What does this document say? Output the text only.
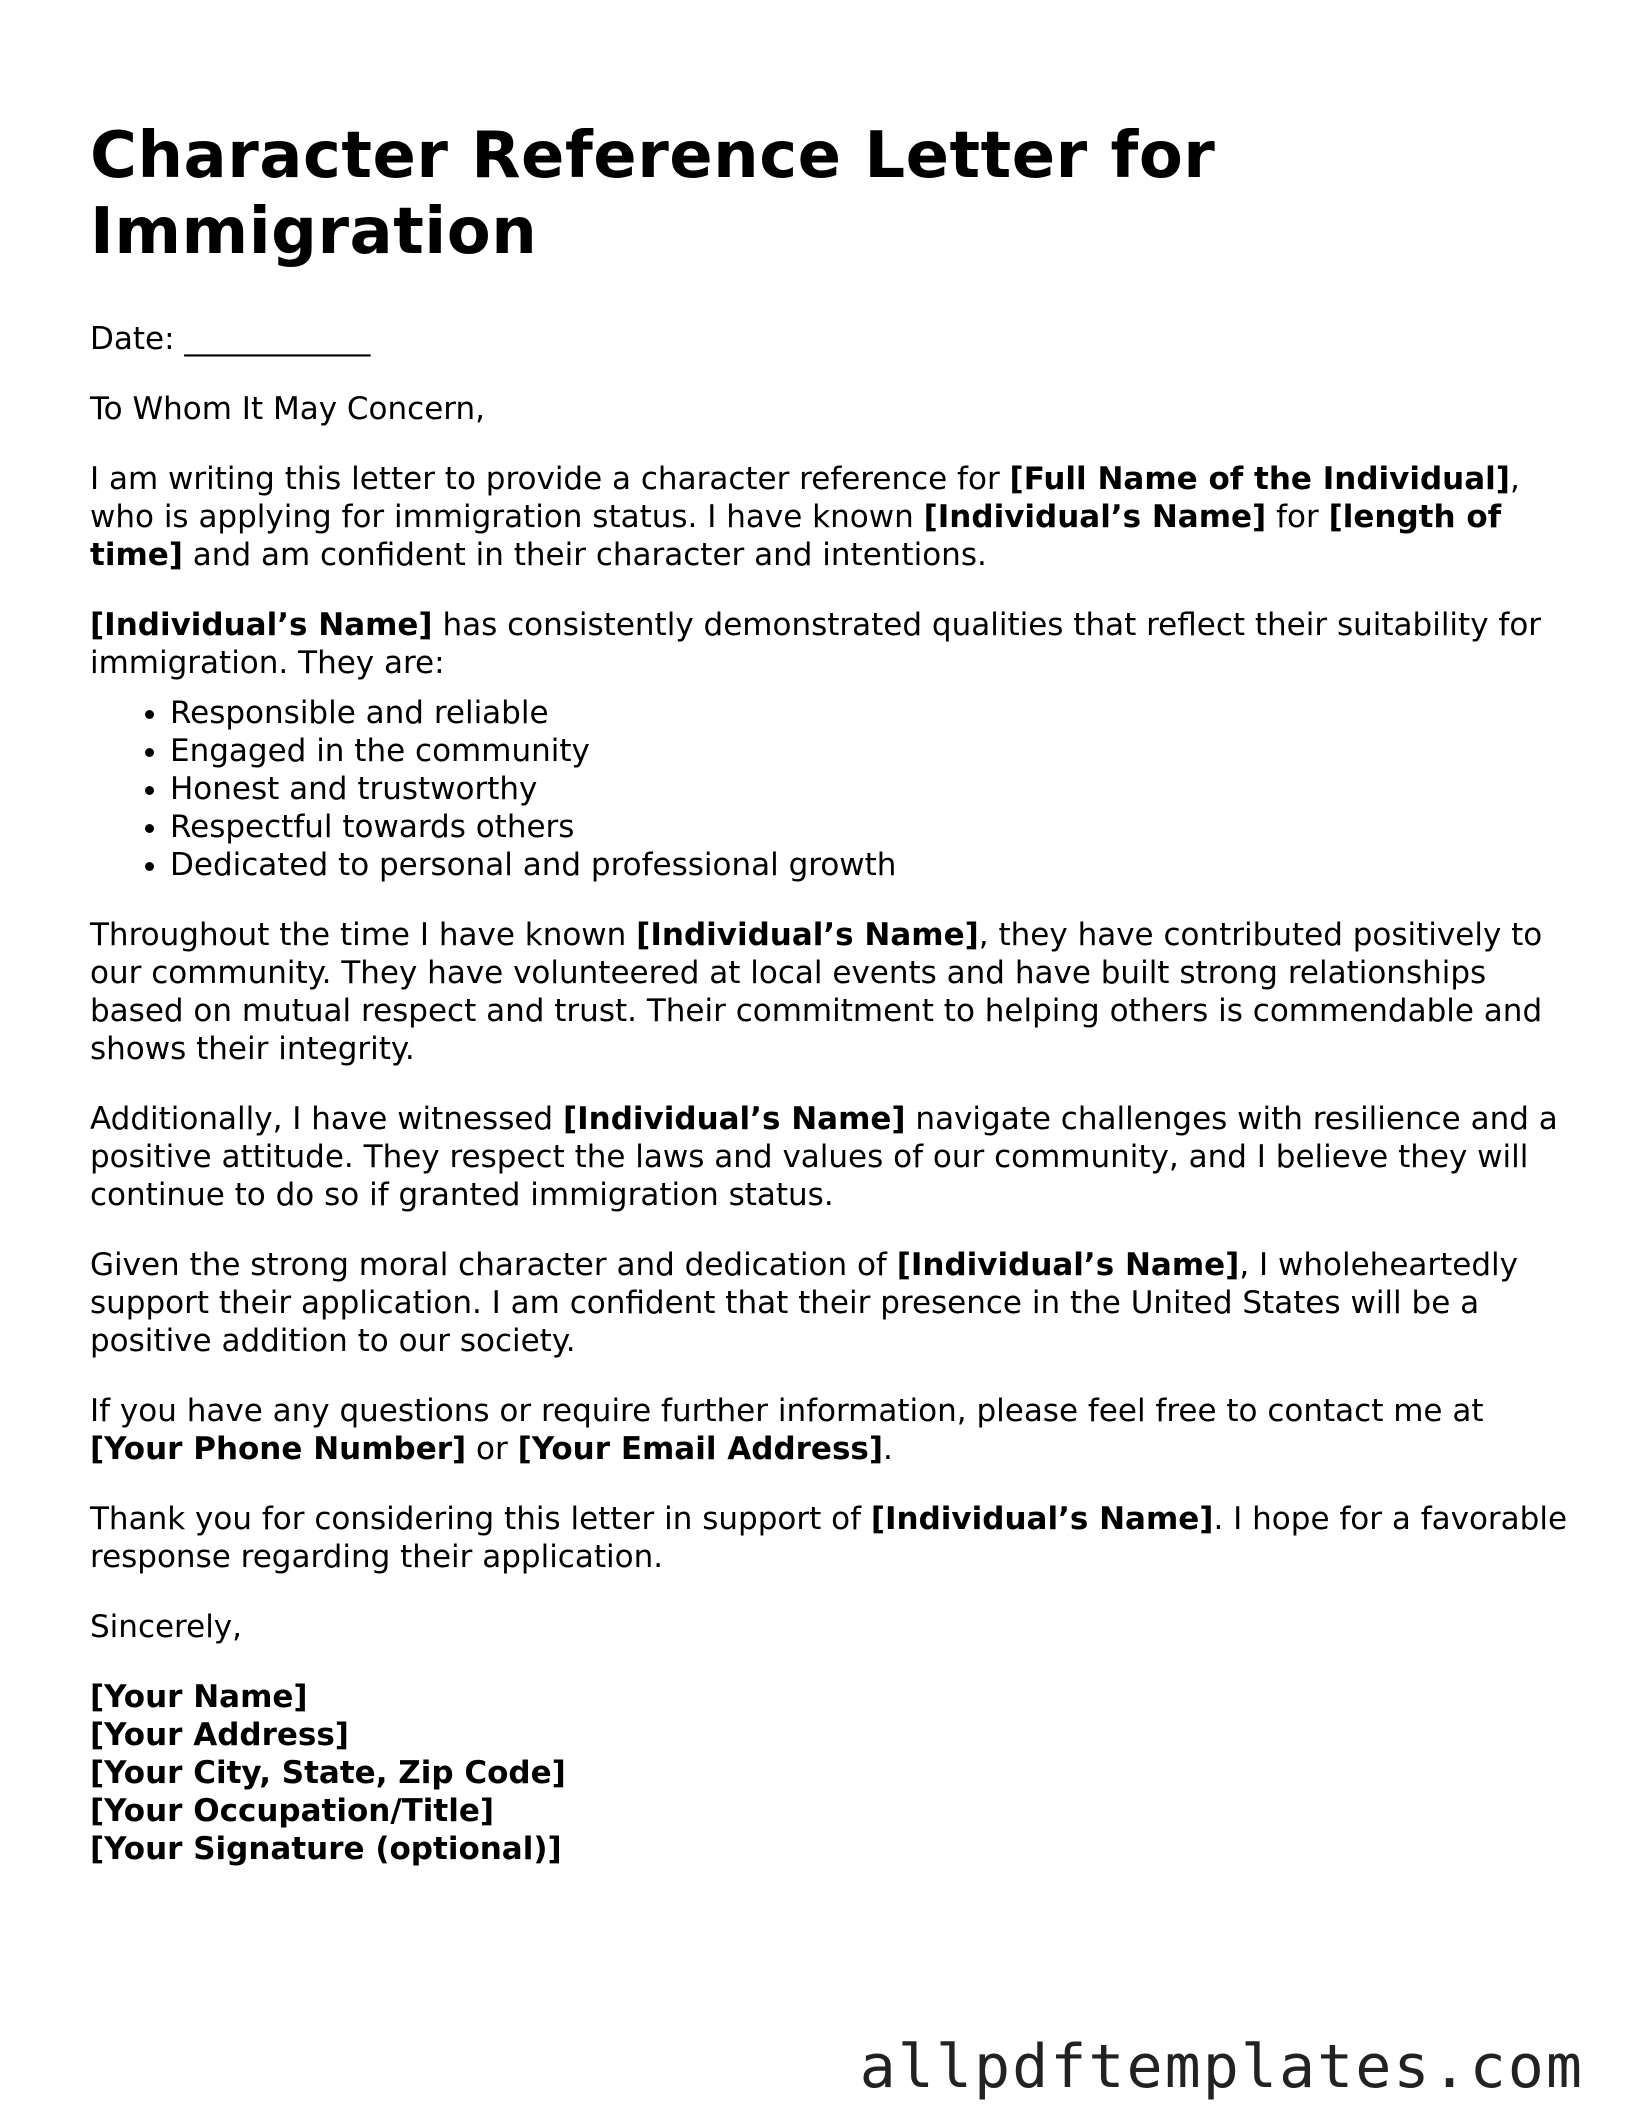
Character Reference Letter for Immigration

Date: ____________

To Whom It May Concern,

I am writing this letter to provide a character reference for [Full Name of the Individual], who is applying for immigration status. I have known [Individual’s Name] for [length of time] and am confident in their character and intentions.

[Individual’s Name] has consistently demonstrated qualities that reflect their suitability for immigration. They are:

• Responsible and reliable
• Engaged in the community
• Honest and trustworthy
• Respectful towards others
• Dedicated to personal and professional growth

Throughout the time I have known [Individual’s Name], they have contributed positively to our community. They have volunteered at local events and have built strong relationships based on mutual respect and trust. Their commitment to helping others is commendable and shows their integrity.

Additionally, I have witnessed [Individual’s Name] navigate challenges with resilience and a positive attitude. They respect the laws and values of our community, and I believe they will continue to do so if granted immigration status.

Given the strong moral character and dedication of [Individual’s Name], I wholeheartedly support their application. I am confident that their presence in the United States will be a positive addition to our society.

If you have any questions or require further information, please feel free to contact me at [Your Phone Number] or [Your Email Address].

Thank you for considering this letter in support of [Individual’s Name]. I hope for a favorable response regarding their application.

Sincerely,

[Your Name]
[Your Address]
[Your City, State, Zip Code]
[Your Occupation/Title]
[Your Signature (optional)]
allpdftemplates.com
